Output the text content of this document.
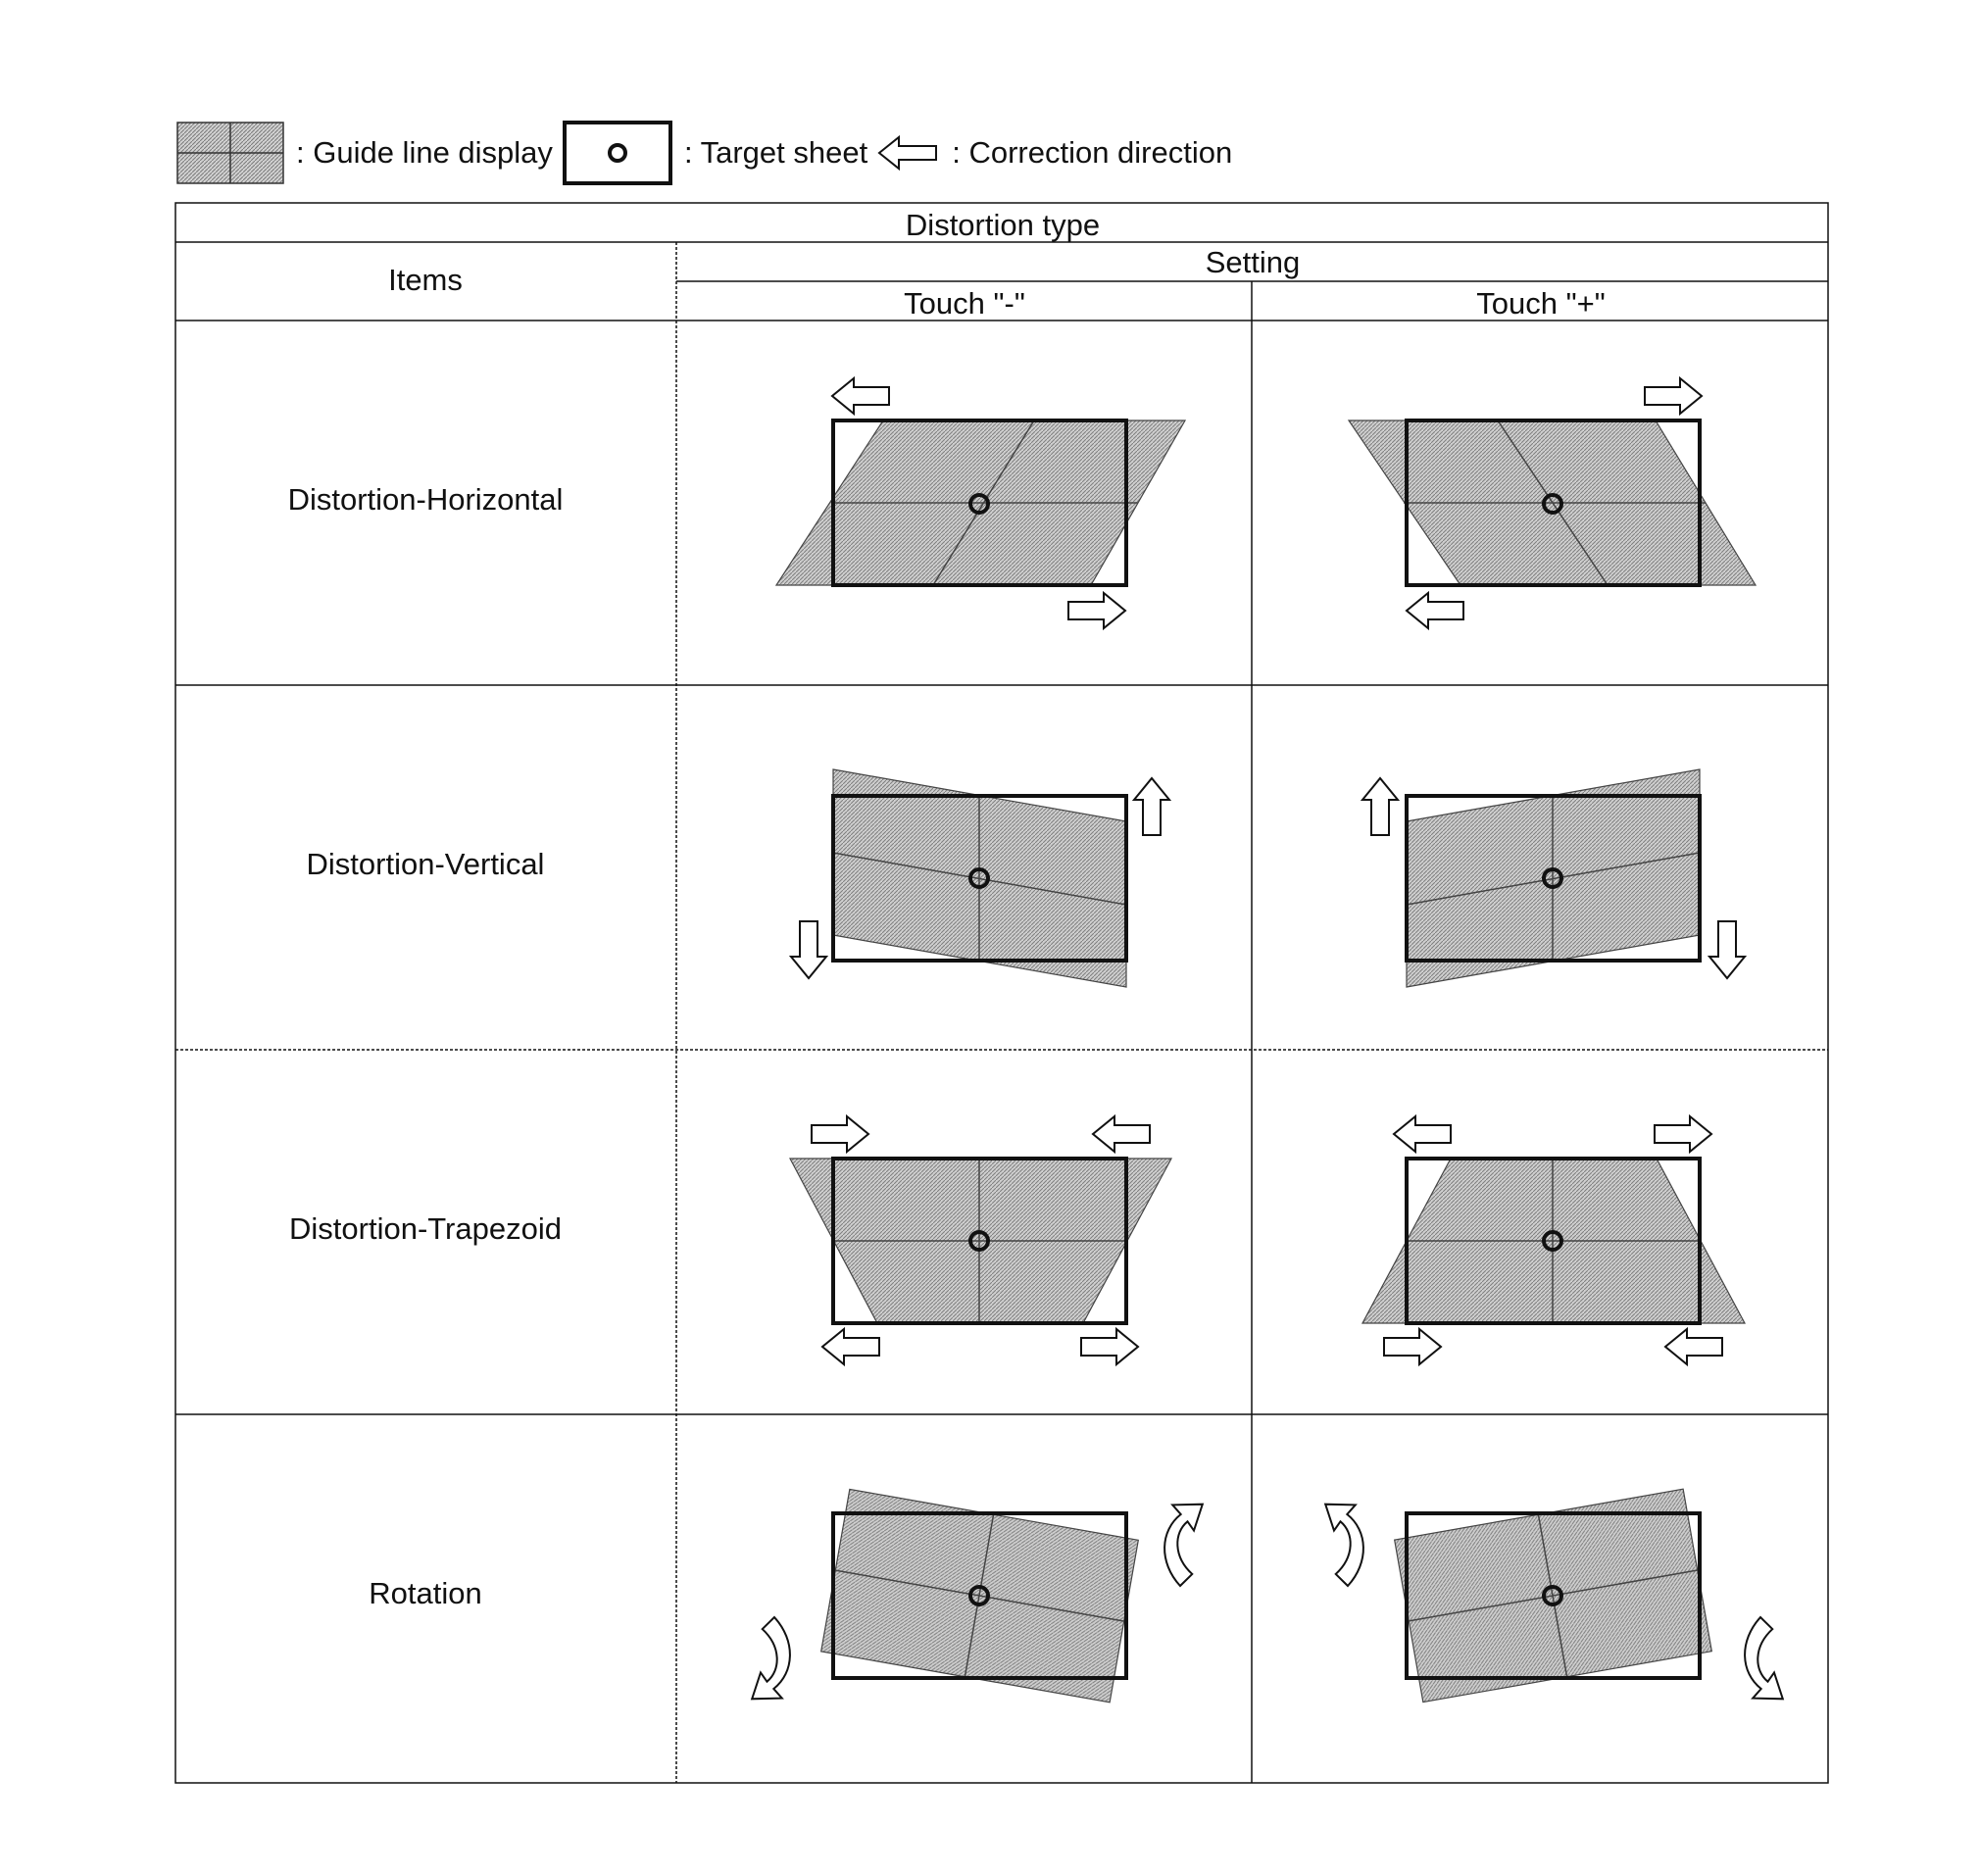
: Guide line display	: Target sheet	: Correction direction
Distortion type
Items
Setting
Touch "-"	Touch "+"
Distortion-Horizontal
Distortion-Vertical
Distortion-Trapezoid
Rotation
